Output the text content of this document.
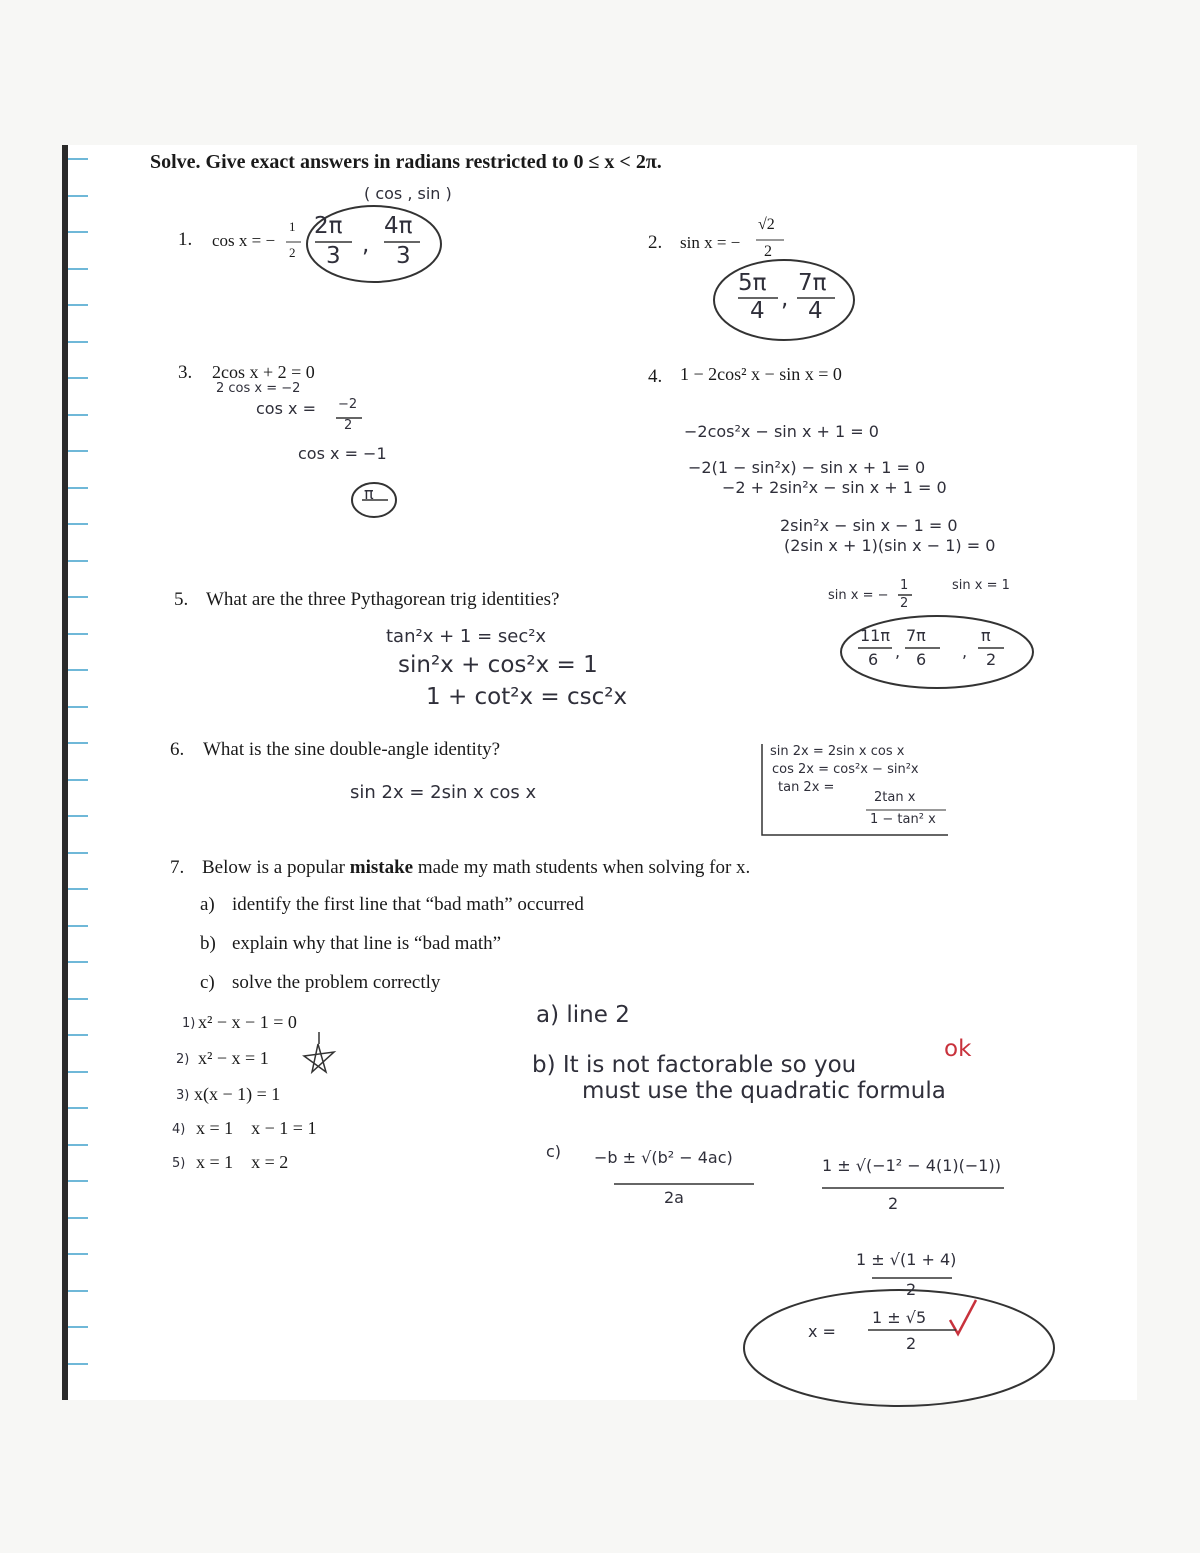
Solve. Give exact answers in radians restricted to 0 ≤ x < 2π.
( cos , sin )
1. cos x = −
1
2
2π
3 ,
4π
3
2. sin x = −
√2
2
5π
4 ,
7π
4
3. 2cos x + 2 = 0
2 cos x = −2
cos x = −2
2
cos x = −1
π
4. 1 − 2cos² x − sin x = 0
−2cos²x − sin x + 1 = 0
−2(1 − sin²x) − sin x + 1 = 0
−2 + 2sin²x − sin x + 1 = 0
2sin²x − sin x − 1 = 0
(2sin x + 1)(sin x − 1) = 0
sin x = −
1
2
sin x = 1
11π
6 ,
7π
6 ,
π
2
5. What are the three Pythagorean trig identities?
tan²x + 1 = sec²x
sin²x + cos²x = 1
1 + cot²x = csc²x
6. What is the sine double-angle identity?
sin 2x = 2sin x cos x
sin 2x = 2sin x cos x
cos 2x = cos²x − sin²x
tan 2x =
2tan x
1 − tan² x
7. Below is a popular mistake made my math students when solving for x.
a) identify the first line that “bad math” occurred
b) explain why that line is “bad math”
c) solve the problem correctly
1) x² − x − 1 = 0
2) x² − x = 1
3) x(x − 1) = 1
4) x = 1    x − 1 = 1
5) x = 1    x = 2
a) line 2
b) It is not factorable so you
must use the quadratic formula
ok
c) −b ± √(b² − 4ac)
2a
1 ± √(−1² − 4(1)(−1))
2
1 ± √(1 + 4)
2
x =
1 ± √5
2
